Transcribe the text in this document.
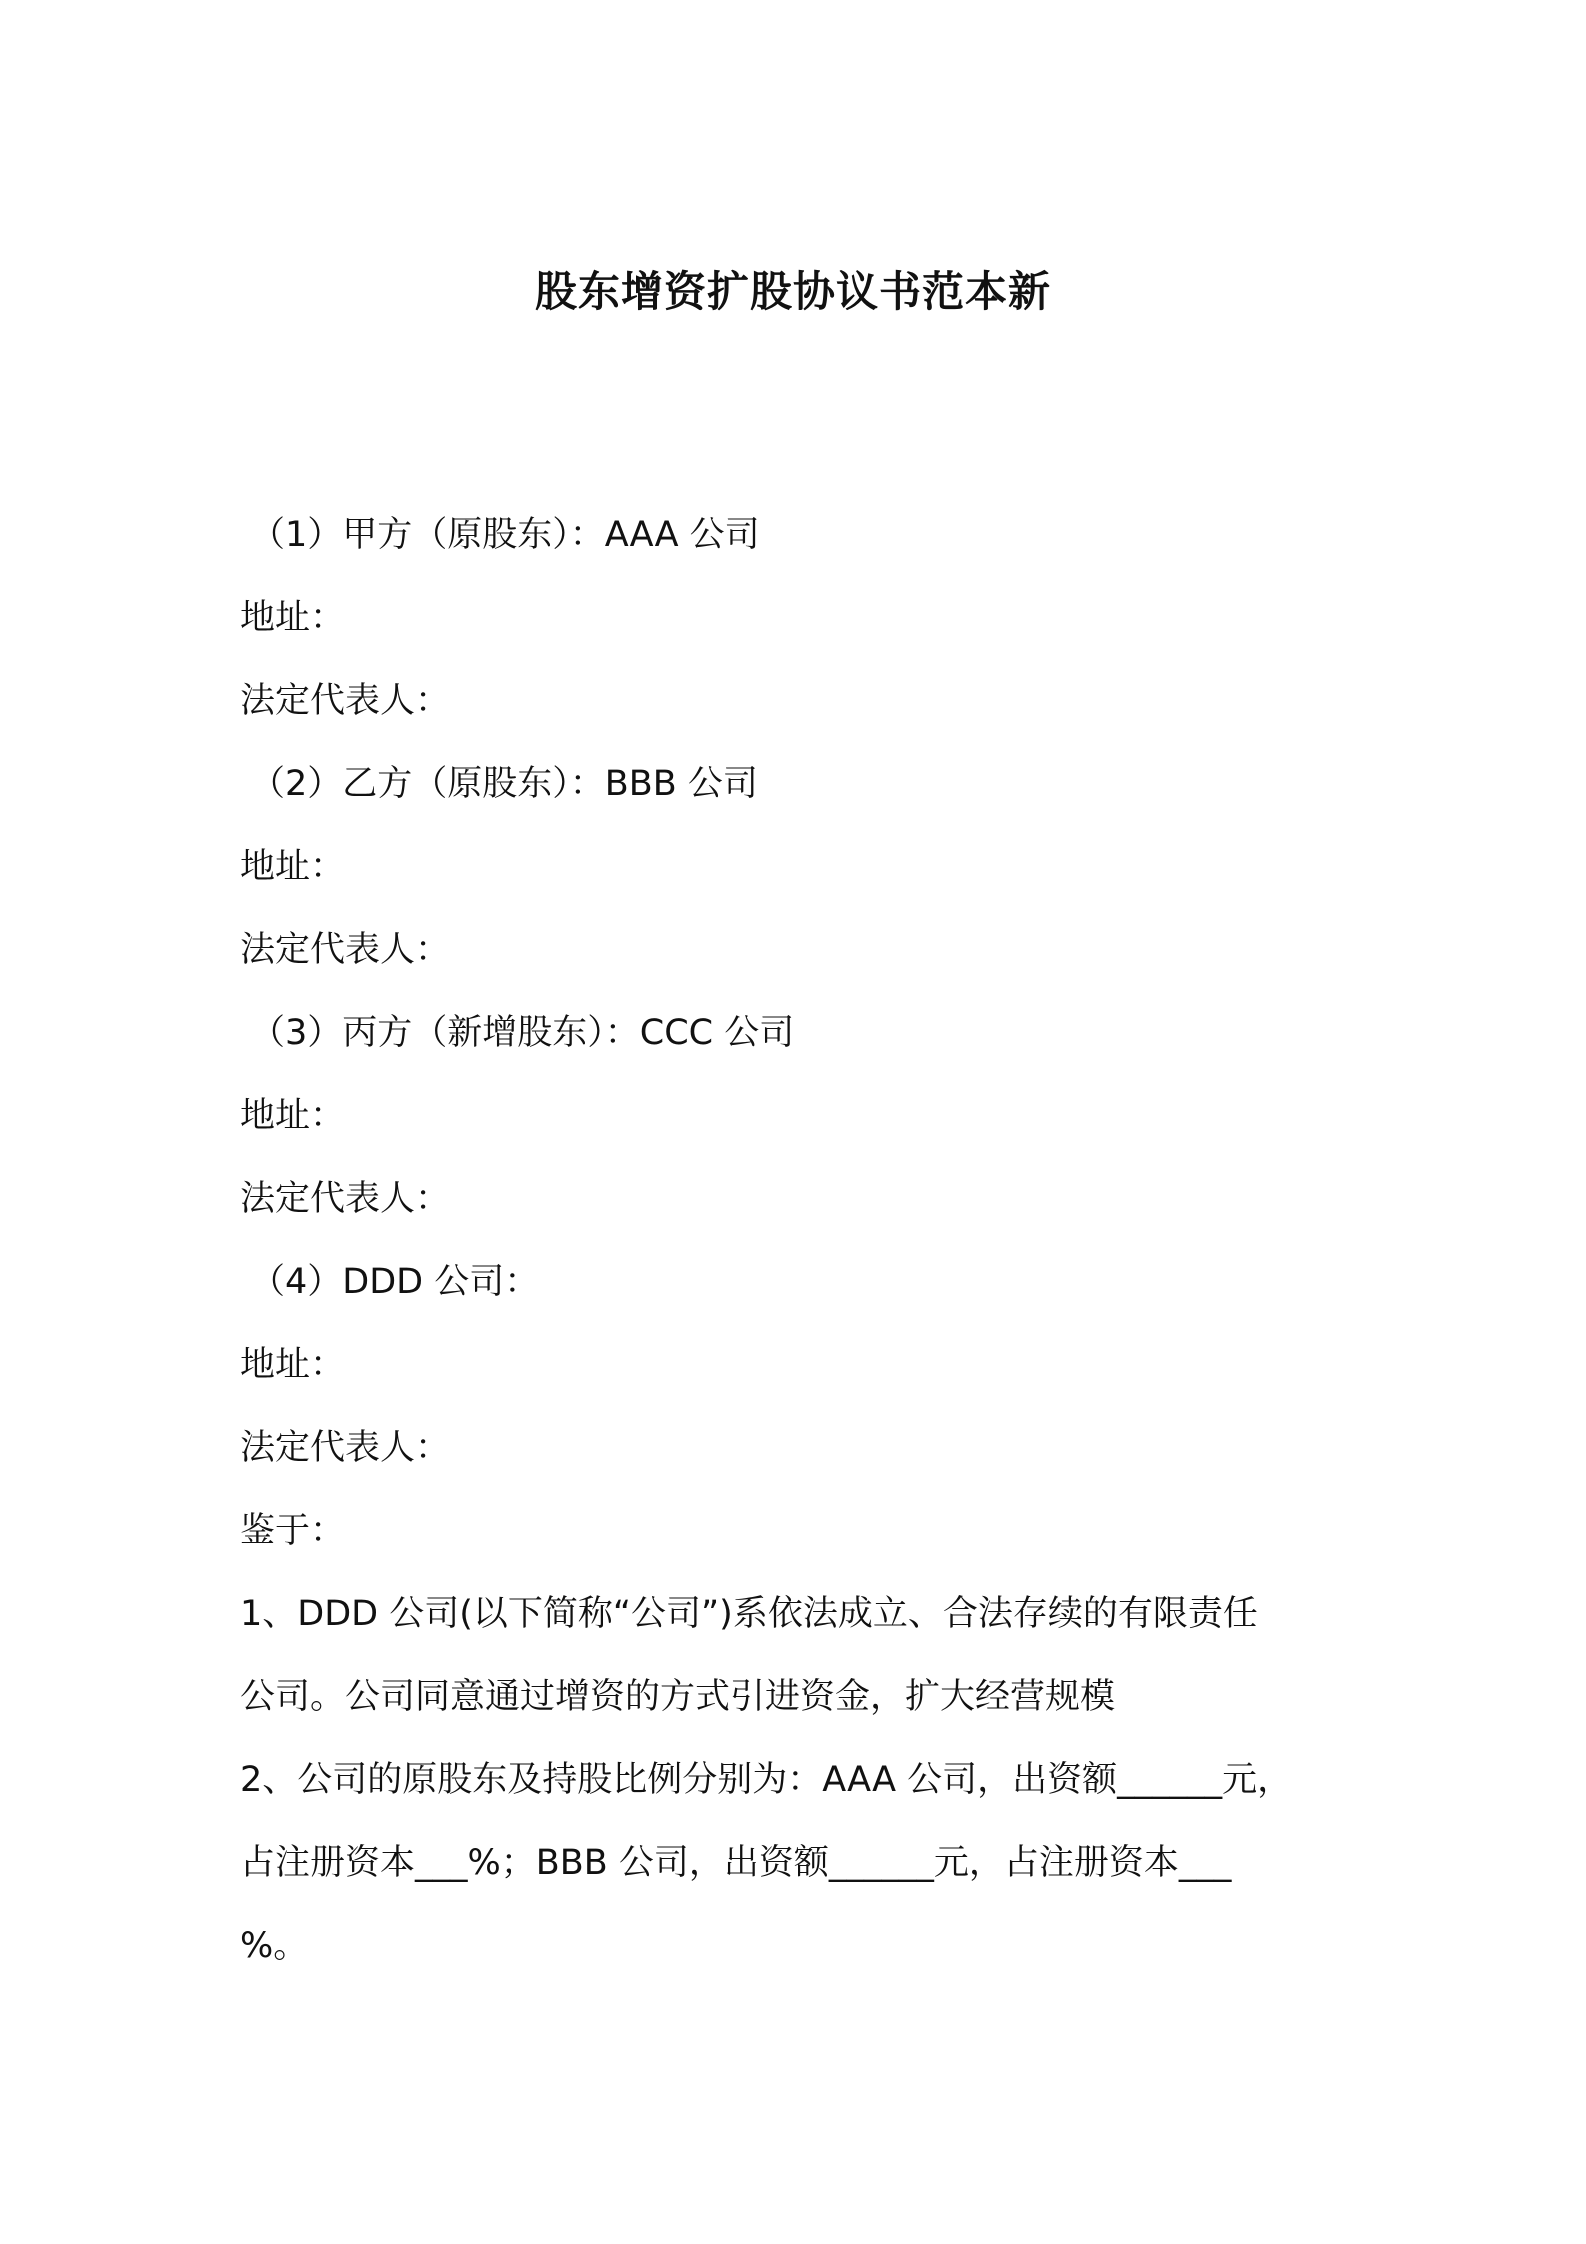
股东增资扩股协议书范本新
（1）甲方（原股东）：AAA 公司
地址：
法定代表人：
（2）乙方（原股东）：BBB 公司
地址：
法定代表人：
（3）丙方（新增股东）：CCC 公司
地址：
法定代表人：
（4）DDD 公司：
地址：
法定代表人：
鉴于：
1、DDD 公司(以下简称“公司”)系依法成立、合法存续的有限责任
公司。公司同意通过增资的方式引进资金，扩大经营规模
2、公司的原股东及持股比例分别为：AAA 公司，出资额______元，
占注册资本___%；BBB 公司，出资额______元，占注册资本___
%。
